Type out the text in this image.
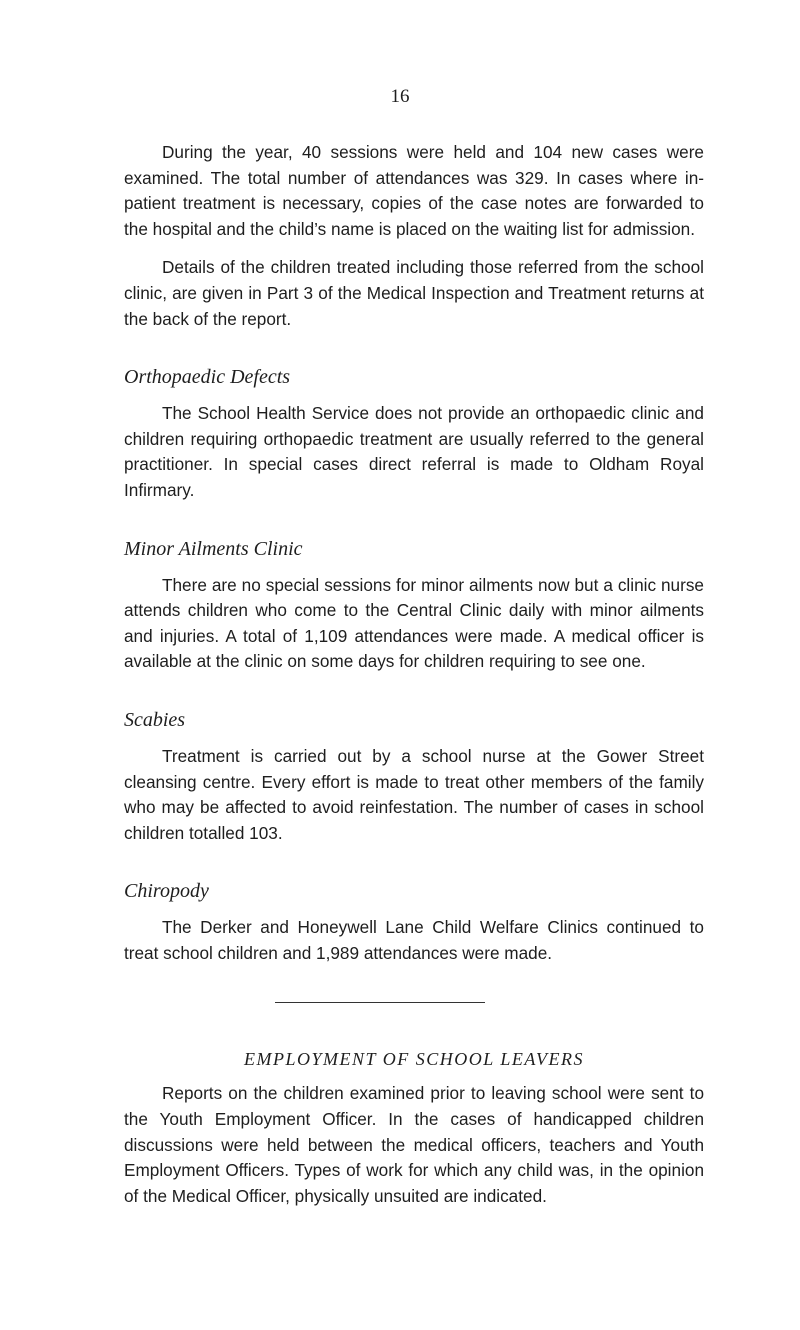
16

During the year, 40 sessions were held and 104 new cases were examined. The total number of attendances was 329. In cases where in-patient treatment is necessary, copies of the case notes are forwarded to the hospital and the child’s name is placed on the waiting list for admission.

Details of the children treated including those referred from the school clinic, are given in Part 3 of the Medical Inspection and Treatment returns at the back of the report.

Orthopaedic Defects

The School Health Service does not provide an orthopaedic clinic and children requiring orthopaedic treatment are usually referred to the general practitioner. In special cases direct referral is made to Oldham Royal Infirmary.

Minor Ailments Clinic

There are no special sessions for minor ailments now but a clinic nurse attends children who come to the Central Clinic daily with minor ailments and injuries. A total of 1,109 attendances were made. A medical officer is available at the clinic on some days for children requiring to see one.

Scabies

Treatment is carried out by a school nurse at the Gower Street cleansing centre. Every effort is made to treat other members of the family who may be affected to avoid reinfestation. The number of cases in school children totalled 103.

Chiropody

The Derker and Honeywell Lane Child Welfare Clinics continued to treat school children and 1,989 attendances were made.

EMPLOYMENT OF SCHOOL LEAVERS

Reports on the children examined prior to leaving school were sent to the Youth Employment Officer. In the cases of handicapped children discussions were held between the medical officers, teachers and Youth Employment Officers. Types of work for which any child was, in the opinion of the Medical Officer, physically unsuited are indicated.
